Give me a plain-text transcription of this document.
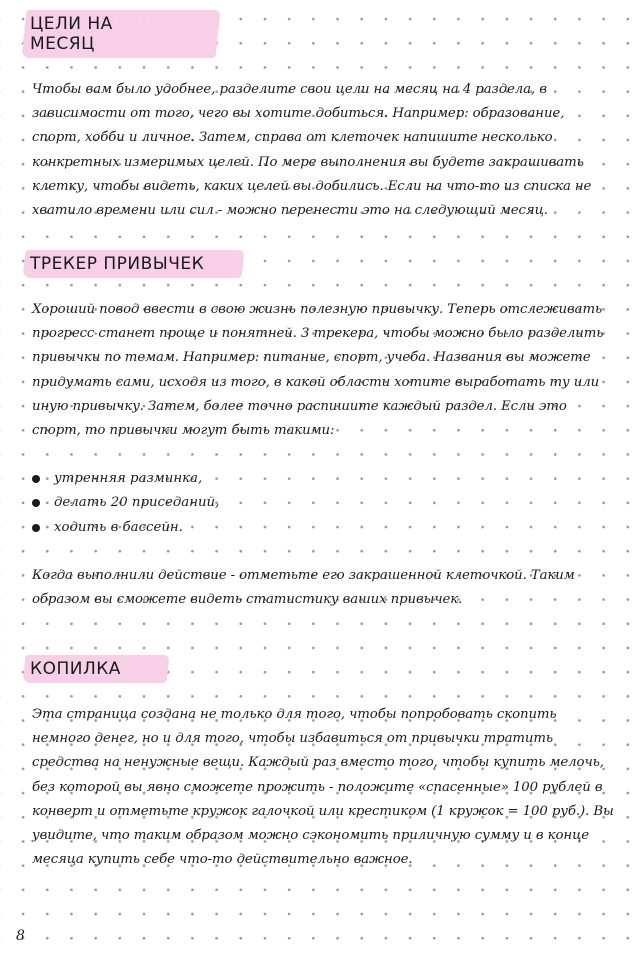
ЦЕЛИ НА МЕСЯЦ

Чтобы вам было удобнее, разделите свои цели на месяц на 4 раздела, в зависимости от того, чего вы хотите добиться. Например: образование, спорт, хобби и личное. Затем, справа от клеточек напишите несколько конкретных измеримых целей. По мере выполнения вы будете закрашивать клетку, чтобы видеть, каких целей вы добились. Если на что-то из списка не хватило времени или сил - можно перенести это на следующий месяц.

ТРЕКЕР ПРИВЫЧЕК

Хороший повод ввести в свою жизнь полезную привычку. Теперь отслеживать прогресс станет проще и понятней. 3 трекера, чтобы можно было разделить привычки по темам. Например: питание, спорт, учеба. Названия вы можете придумать сами, исходя из того, в какой области хотите выработать ту или иную привычку. Затем, более точно распишите каждый раздел. Если это спорт, то привычки могут быть такими:

утренняя разминка,
делать 20 приседаний,
ходить в бассейн.

Когда выполнили действие - отметьте его закрашенной клеточкой. Таким образом вы сможете видеть статистику ваших привычек.

КОПИЛКА

Эта страница создана не только для того, чтобы попробовать скопить немного денег, но и для того, чтобы избавиться от привычки тратить средства на ненужные вещи. Каждый раз вместо того, чтобы купить мелочь, без которой вы явно сможете прожить - положите «спасенные» 100 рублей в конверт и отметьте кружок галочкой или крестиком (1 кружок = 100 руб.). Вы увидите, что таким образом можно сэкономить приличную сумму и в конце месяца купить себе что-то действительно важное.

8
